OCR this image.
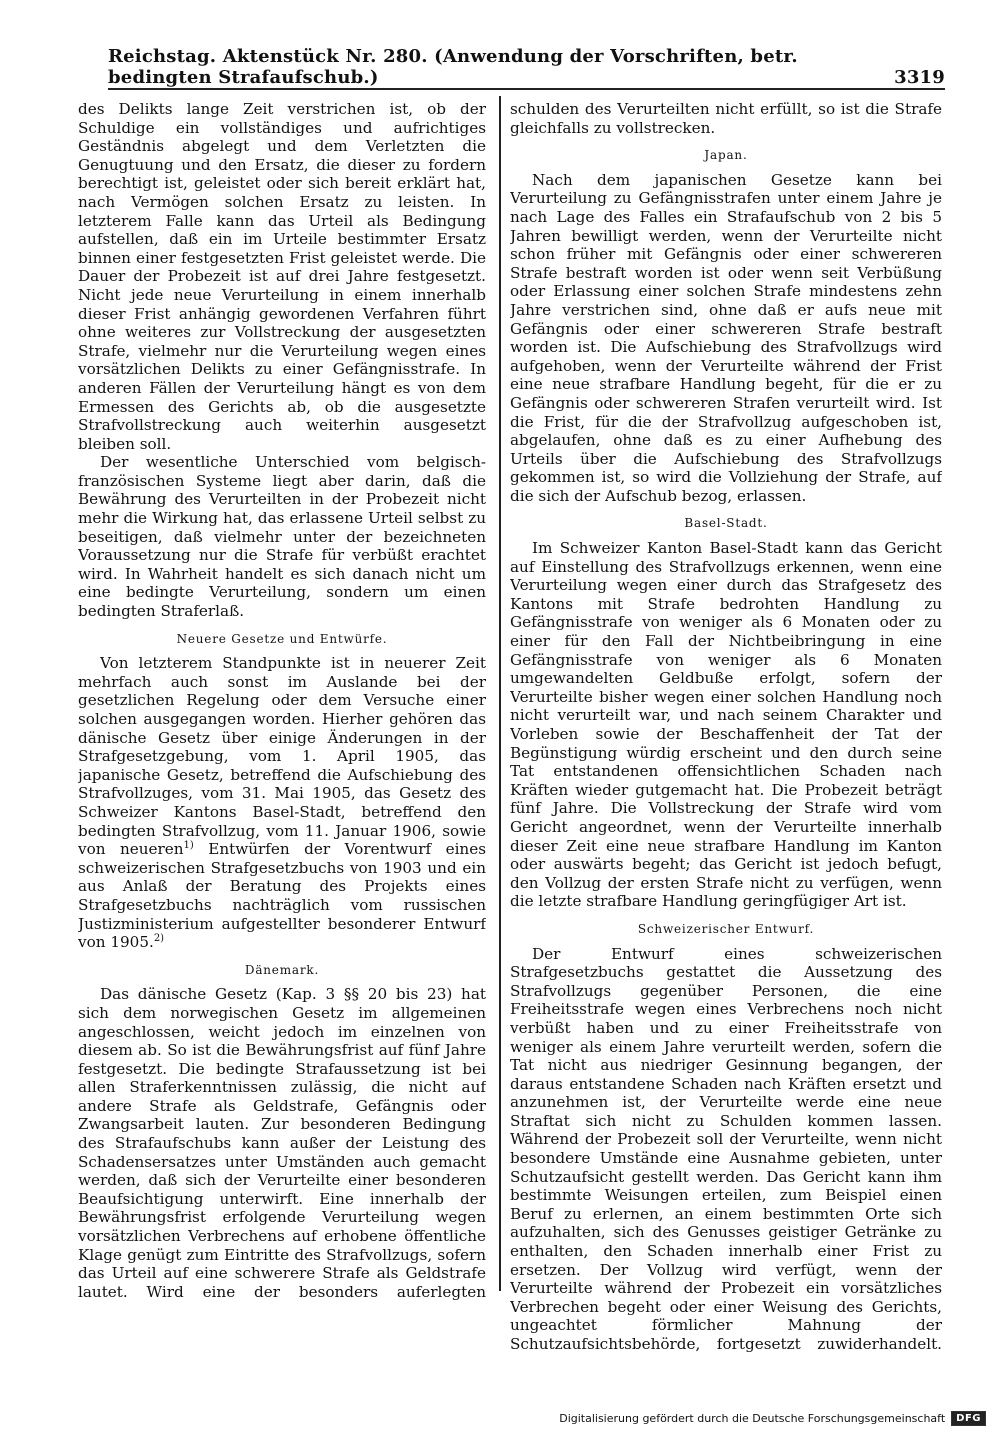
Reichstag. Aktenstück Nr. 280. (Anwendung der Vorschriften, betr. bedingten Strafaufschub.)	3319

des Delikts lange Zeit verstrichen ist, ob der Schuldige ein vollständiges und aufrichtiges Geständnis abgelegt und dem Verletzten die Genugtuung und den Ersatz, die dieser zu fordern berechtigt ist, geleistet oder sich bereit erklärt hat, nach Vermögen solchen Ersatz zu leisten. In letzterem Falle kann das Urteil als Bedingung aufstellen, daß ein im Urteile bestimmter Ersatz binnen einer festgesetzten Frist geleistet werde. Die Dauer der Probezeit ist auf drei Jahre festgesetzt. Nicht jede neue Verurteilung in einem innerhalb dieser Frist anhängig gewordenen Verfahren führt ohne weiteres zur Vollstreckung der ausgesetzten Strafe, vielmehr nur die Verurteilung wegen eines vorsätzlichen Delikts zu einer Gefängnisstrafe. In anderen Fällen der Verurteilung hängt es von dem Ermessen des Gerichts ab, ob die ausgesetzte Strafvollstreckung auch weiterhin ausgesetzt bleiben soll.

Der wesentliche Unterschied vom belgisch-französischen Systeme liegt aber darin, daß die Bewährung des Verurteilten in der Probezeit nicht mehr die Wirkung hat, das erlassene Urteil selbst zu beseitigen, daß vielmehr unter der bezeichneten Voraussetzung nur die Strafe für verbüßt erachtet wird. In Wahrheit handelt es sich danach nicht um eine bedingte Verurteilung, sondern um einen bedingten Straferlaß.

Neuere Gesetze und Entwürfe.

Von letzterem Standpunkte ist in neuerer Zeit mehrfach auch sonst im Auslande bei der gesetzlichen Regelung oder dem Versuche einer solchen ausgegangen worden. Hierher gehören das dänische Gesetz über einige Änderungen in der Strafgesetzgebung, vom 1. April 1905, das japanische Gesetz, betreffend die Aufschiebung des Strafvollzuges, vom 31. Mai 1905, das Gesetz des Schweizer Kantons Basel-Stadt, betreffend den bedingten Strafvollzug, vom 11. Januar 1906, sowie von neueren$^{1)}$ Entwürfen der Vorentwurf eines schweizerischen Strafgesetzbuchs von 1903 und ein aus Anlaß der Beratung des Projekts eines Strafgesetzbuchs nachträglich vom russischen Justizministerium aufgestellter besonderer Entwurf von 1905.$^{2)}$

Dänemark.

Das dänische Gesetz (Kap. 3 §§ 20 bis 23) hat sich dem norwegischen Gesetz im allgemeinen angeschlossen, weicht jedoch im einzelnen von diesem ab. So ist die Bewährungsfrist auf fünf Jahre festgesetzt. Die bedingte Strafaussetzung ist bei allen Straferkenntnissen zulässig, die nicht auf andere Strafe als Geldstrafe, Gefängnis oder Zwangsarbeit lauten. Zur besonderen Bedingung des Strafaufschubs kann außer der Leistung des Schadensersatzes unter Umständen auch gemacht werden, daß sich der Verurteilte einer besonderen Beaufsichtigung unterwirft. Eine innerhalb der Bewährungsfrist erfolgende Verurteilung wegen vorsätzlichen Verbrechens auf erhobene öffentliche Klage genügt zum Eintritte des Strafvollzugs, sofern das Urteil auf eine schwerere Strafe als Geldstrafe lautet. Wird eine der besonders auferlegten

schulden des Verurteilten nicht erfüllt, so ist die Strafe gleichfalls zu vollstrecken.

Japan.

Nach dem japanischen Gesetze kann bei Verurteilung zu Gefängnisstrafen unter einem Jahre je nach Lage des Falles ein Strafaufschub von 2 bis 5 Jahren bewilligt werden, wenn der Verurteilte nicht schon früher mit Gefängnis oder einer schwereren Strafe bestraft worden ist oder wenn seit Verbüßung oder Erlassung einer solchen Strafe mindestens zehn Jahre verstrichen sind, ohne daß er aufs neue mit Gefängnis oder einer schwereren Strafe bestraft worden ist. Die Aufschiebung des Strafvollzugs wird aufgehoben, wenn der Verurteilte während der Frist eine neue strafbare Handlung begeht, für die er zu Gefängnis oder schwereren Strafen verurteilt wird. Ist die Frist, für die der Strafvollzug aufgeschoben ist, abgelaufen, ohne daß es zu einer Aufhebung des Urteils über die Aufschiebung des Strafvollzugs gekommen ist, so wird die Vollziehung der Strafe, auf die sich der Aufschub bezog, erlassen.

Basel-Stadt.

Im Schweizer Kanton Basel-Stadt kann das Gericht auf Einstellung des Strafvollzugs erkennen, wenn eine Verurteilung wegen einer durch das Strafgesetz des Kantons mit Strafe bedrohten Handlung zu Gefängnisstrafe von weniger als 6 Monaten oder zu einer für den Fall der Nichtbeibringung in eine Gefängnisstrafe von weniger als 6 Monaten umgewandelten Geldbuße erfolgt, sofern der Verurteilte bisher wegen einer solchen Handlung noch nicht verurteilt war, und nach seinem Charakter und Vorleben sowie der Beschaffenheit der Tat der Begünstigung würdig erscheint und den durch seine Tat entstandenen offensichtlichen Schaden nach Kräften wieder gutgemacht hat. Die Probezeit beträgt fünf Jahre. Die Vollstreckung der Strafe wird vom Gericht angeordnet, wenn der Verurteilte innerhalb dieser Zeit eine neue strafbare Handlung im Kanton oder auswärts begeht; das Gericht ist jedoch befugt, den Vollzug der ersten Strafe nicht zu verfügen, wenn die letzte strafbare Handlung geringfügiger Art ist.

Schweizerischer Entwurf.

Der Entwurf eines schweizerischen Strafgesetzbuchs gestattet die Aussetzung des Strafvollzugs gegenüber Personen, die eine Freiheitsstrafe wegen eines Verbrechens noch nicht verbüßt haben und zu einer Freiheitsstrafe von weniger als einem Jahre verurteilt werden, sofern die Tat nicht aus niedriger Gesinnung begangen, der daraus entstandene Schaden nach Kräften ersetzt und anzunehmen ist, der Verurteilte werde eine neue Straftat sich nicht zu Schulden kommen lassen. Während der Probezeit soll der Verurteilte, wenn nicht besondere Umstände eine Ausnahme gebieten, unter Schutzaufsicht gestellt werden. Das Gericht kann ihm bestimmte Weisungen erteilen, zum Beispiel einen Beruf zu erlernen, an einem bestimmten Orte sich aufzuhalten, sich des Genusses geistiger Getränke zu enthalten, den Schaden innerhalb einer Frist zu ersetzen. Der Vollzug wird verfügt, wenn der Verurteilte während der Probezeit ein vorsätzliches Verbrechen begeht oder einer Weisung des Gerichts, ungeachtet förmlicher Mahnung der Schutzaufsichtsbehörde, fortgesetzt zuwiderhandelt.

Digitalisierung gefördert durch die Deutsche Forschungsgemeinschaft	DFG
